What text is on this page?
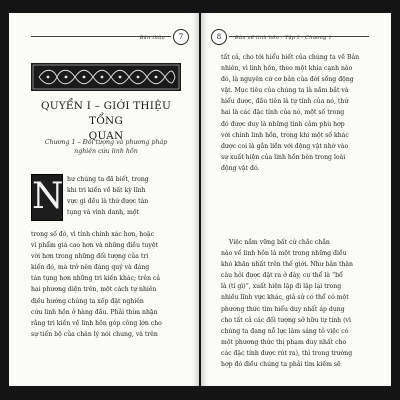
Bản thân	7
QUYỂN I – GIỚI THIỆU TỔNG
QUAN
Chương 1 – Đối tượng và phương pháp
nghiên cứu linh hồn
N hư chúng ta đã biết, trong
khi tri kiến về bất kỳ lĩnh
vực gì đều là thứ được tán
tụng và vinh danh, một
trong số đó, vì tính chính xác hơn, hoặc
vì phẩm giá cao hơn và những điều tuyệt
vời hơn trong những đối tượng của tri
kiến đó, mà trở nên đáng quý và đáng
tán tụng hơn những tri kiến khác; trên cả
hai phương diện trên, một cách tự nhiên
điều hướng chúng ta xếp đặt nghiên
cứu linh hồn ở hàng đầu. Phải thừa nhận
rằng tri kiến về linh hồn góp công lớn cho
sự tiến bộ của chân lý nói chung, và trên
8	Bàn về linh hồn · Tập I · Chương 1
tất cả, cho tới hiểu biết của chúng ta về Bản
nhiên, vì linh hồn, theo một khía cạnh nào
đó, là nguyên cứ cơ bản của đời sống động
vật. Mục tiêu của chúng ta là nắm bắt và
hiểu được, đầu tiên là tự tính của nó, thứ
hai là các đặc tính của nó, một số trong
đó được duy là những tình cảm phù hợp
với chính linh hồn, trong khi một số khác
được coi là gắn liền với động vật nhờ vào
sự xuất hiện của linh hồn bên trong loài
động vật đó.
Việc nắm vững bất cứ chắc chắn
nào về linh hồn là một trong những điều
khó khăn nhất trên thế giới. Như bản thân
câu hỏi được đặt ra ở đây, cụ thể là “bổ
là (tí gì)”, xuất hiện lặp đi lặp lại trong
nhiều lĩnh vực khác, giả sử có thể có một
phương thức tìm hiểu duy nhất áp dụng
cho tất cả các đối tượng sở hữu tự tính (vì
chúng ta đang nỗ lực làm sáng tỏ việc có
một phương thức thị phạm duy nhất cho
các đặc tính được rút ra), thì trong trường
hợp đó điều chúng ta phải tìm kiếm sẽ
